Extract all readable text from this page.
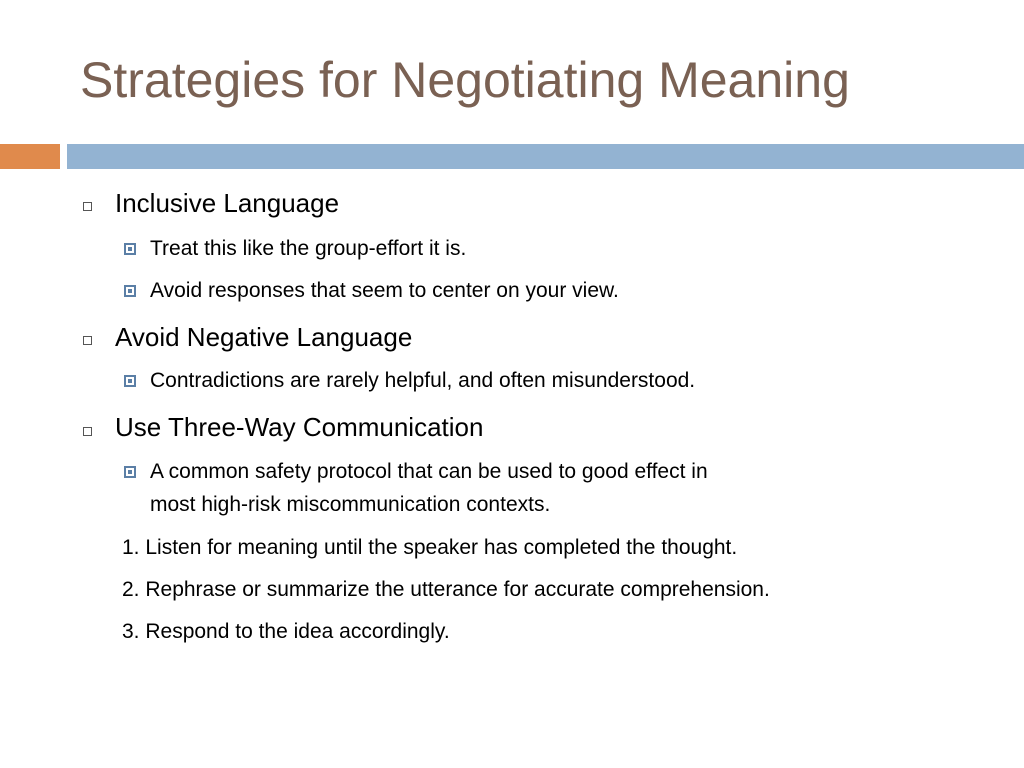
Strategies for Negotiating Meaning
Inclusive Language
Treat this like the group-effort it is.
Avoid responses that seem to center on your view.
Avoid Negative Language
Contradictions are rarely helpful, and often misunderstood.
Use Three-Way Communication
A common safety protocol that can be used to good effect in
most high-risk miscommunication contexts.
1. Listen for meaning until the speaker has completed the thought.
2. Rephrase or summarize the utterance for accurate comprehension.
3. Respond to the idea accordingly.
